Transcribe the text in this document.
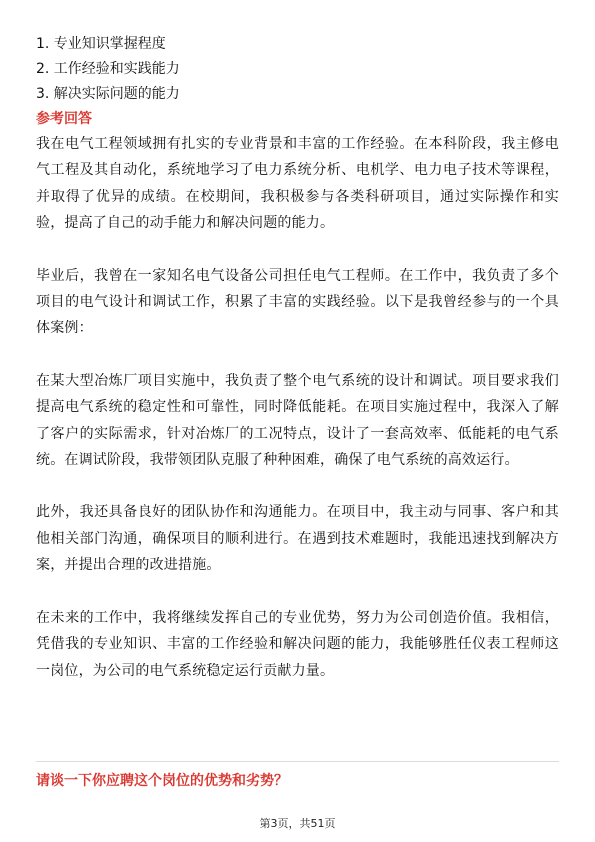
1. 专业知识掌握程度
2. 工作经验和实践能力
3. 解决实际问题的能力
参考回答

我在电气工程领域拥有扎实的专业背景和丰富的工作经验。在本科阶段，我主修电气工程及其自动化，系统地学习了电力系统分析、电机学、电力电子技术等课程，并取得了优异的成绩。在校期间，我积极参与各类科研项目，通过实际操作和实验，提高了自己的动手能力和解决问题的能力。

毕业后，我曾在一家知名电气设备公司担任电气工程师。在工作中，我负责了多个项目的电气设计和调试工作，积累了丰富的实践经验。以下是我曾经参与的一个具体案例：

在某大型冶炼厂项目实施中，我负责了整个电气系统的设计和调试。项目要求我们提高电气系统的稳定性和可靠性，同时降低能耗。在项目实施过程中，我深入了解了客户的实际需求，针对冶炼厂的工况特点，设计了一套高效率、低能耗的电气系统。在调试阶段，我带领团队克服了种种困难，确保了电气系统的高效运行。

此外，我还具备良好的团队协作和沟通能力。在项目中，我主动与同事、客户和其他相关部门沟通，确保项目的顺利进行。在遇到技术难题时，我能迅速找到解决方案，并提出合理的改进措施。

在未来的工作中，我将继续发挥自己的专业优势，努力为公司创造价值。我相信，凭借我的专业知识、丰富的工作经验和解决问题的能力，我能够胜任仪表工程师这一岗位，为公司的电气系统稳定运行贡献力量。

请谈一下你应聘这个岗位的优势和劣势？
第3页，共51页
